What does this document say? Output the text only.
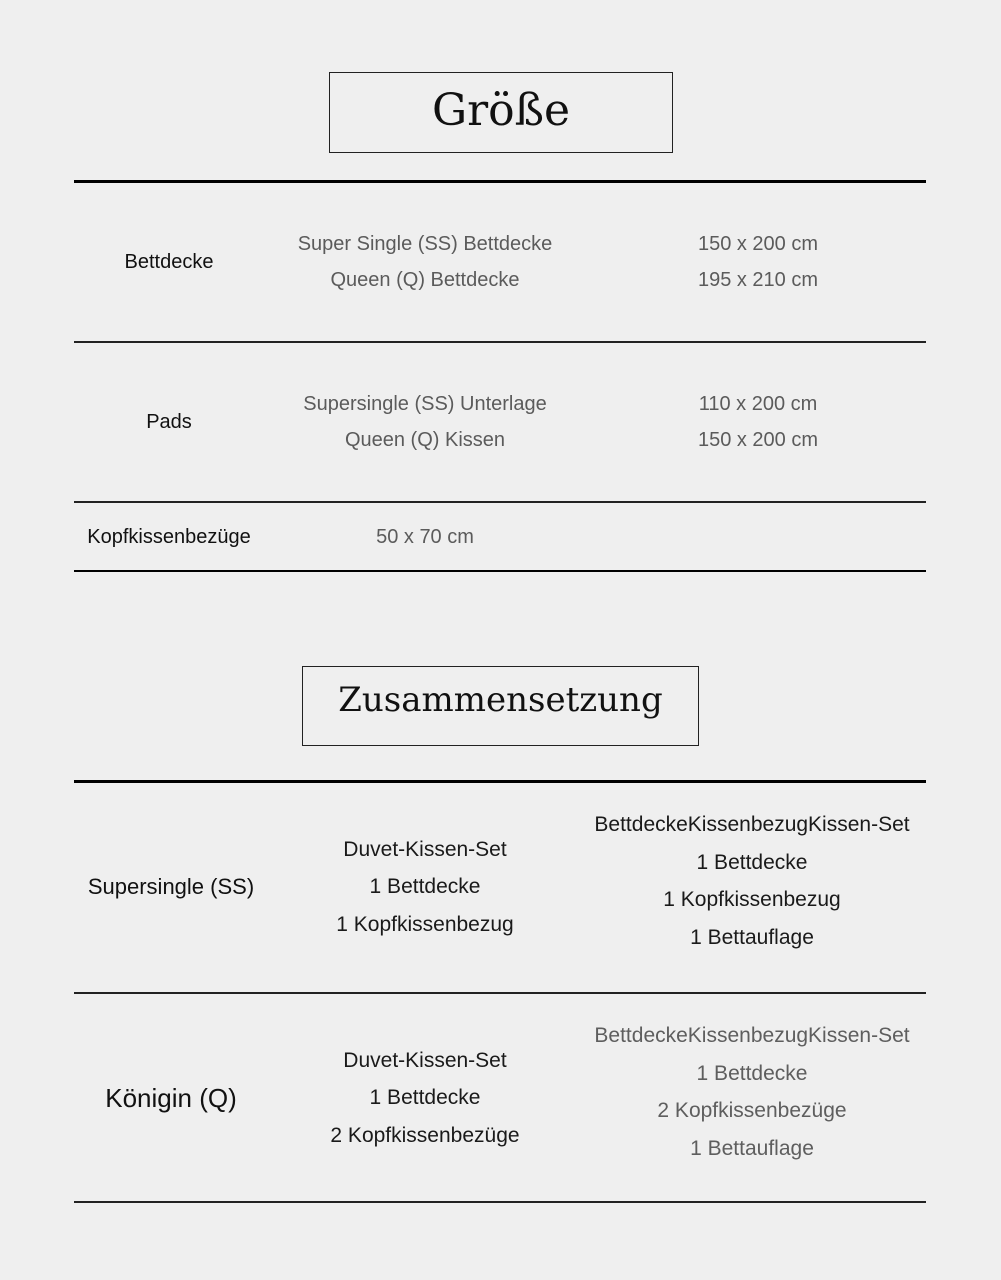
Größe
Bettdecke
Super Single (SS) Bettdecke
Queen (Q) Bettdecke
150 x 200 cm
195 x 210 cm
Pads
Supersingle (SS) Unterlage
Queen (Q) Kissen
110 x 200 cm
150 x 200 cm
Kopfkissenbezüge	50 x 70 cm
Zusammensetzung
Supersingle (SS)
Duvet-Kissen-Set
1 Bettdecke
1 Kopfkissenbezug
BettdeckeKissenbezugKissen-Set
1 Bettdecke
1 Kopfkissenbezug
1 Bettauflage
Königin (Q)
Duvet-Kissen-Set
1 Bettdecke
2 Kopfkissenbezüge
BettdeckeKissenbezugKissen-Set
1 Bettdecke
2 Kopfkissenbezüge
1 Bettauflage
